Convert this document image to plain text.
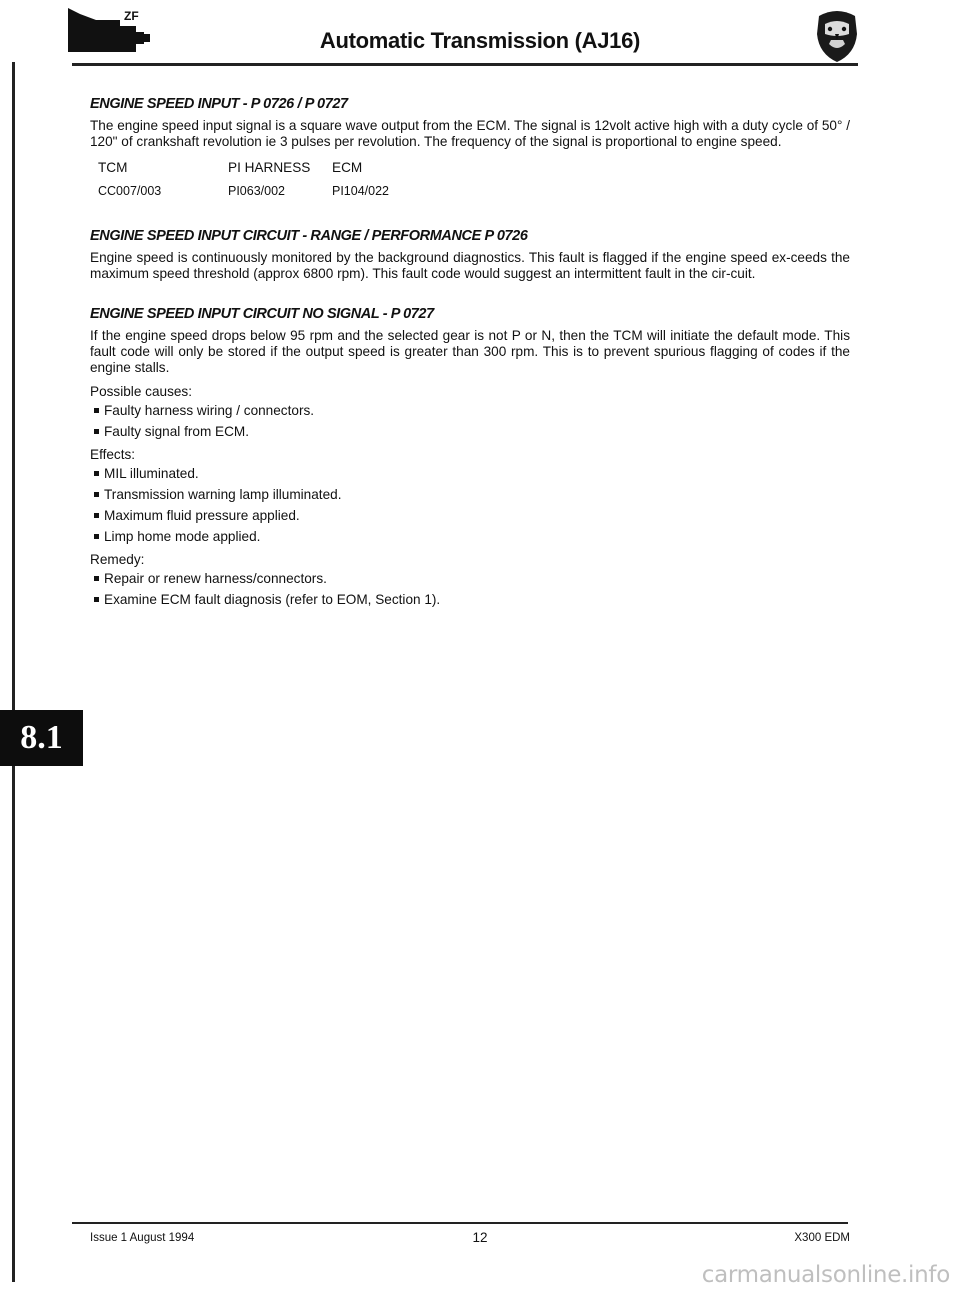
ZF
Automatic Transmission (AJ16)
ENGINE SPEED INPUT - P 0726 / P 0727

The engine speed input signal is a square wave output from the ECM. The signal is 12volt active high with a duty cycle of 50° / 120" of crankshaft revolution ie 3 pulses per revolution. The frequency of the signal is proportional to engine speed.

TCM	PI HARNESS	ECM
CC007/003	PI063/002	PI104/022
ENGINE SPEED INPUT CIRCUIT - RANGE / PERFORMANCE P 0726

Engine speed is continuously monitored by the background diagnostics. This fault is flagged if the engine speed ex-ceeds the maximum speed threshold (approx 6800 rpm). This fault code would suggest an intermittent fault in the cir-cuit.

ENGINE SPEED INPUT CIRCUIT NO SIGNAL - P 0727

If the engine speed drops below 95 rpm and the selected gear is not P or N, then the TCM will initiate the default mode. This fault code will only be stored if the output speed is greater than 300 rpm. This is to prevent spurious flagging of codes if the engine stalls.

Possible causes:
Faulty harness wiring / connectors.
Faulty signal from ECM.
Effects:
MIL illuminated.
Transmission warning lamp illuminated.
Maximum fluid pressure applied.
Limp home mode applied.
Remedy:
Repair or renew harness/connectors.
Examine ECM fault diagnosis (refer to EOM, Section 1).
8.1
Issue 1 August 1994	12	X300 EDM
carmanualsonline.info
